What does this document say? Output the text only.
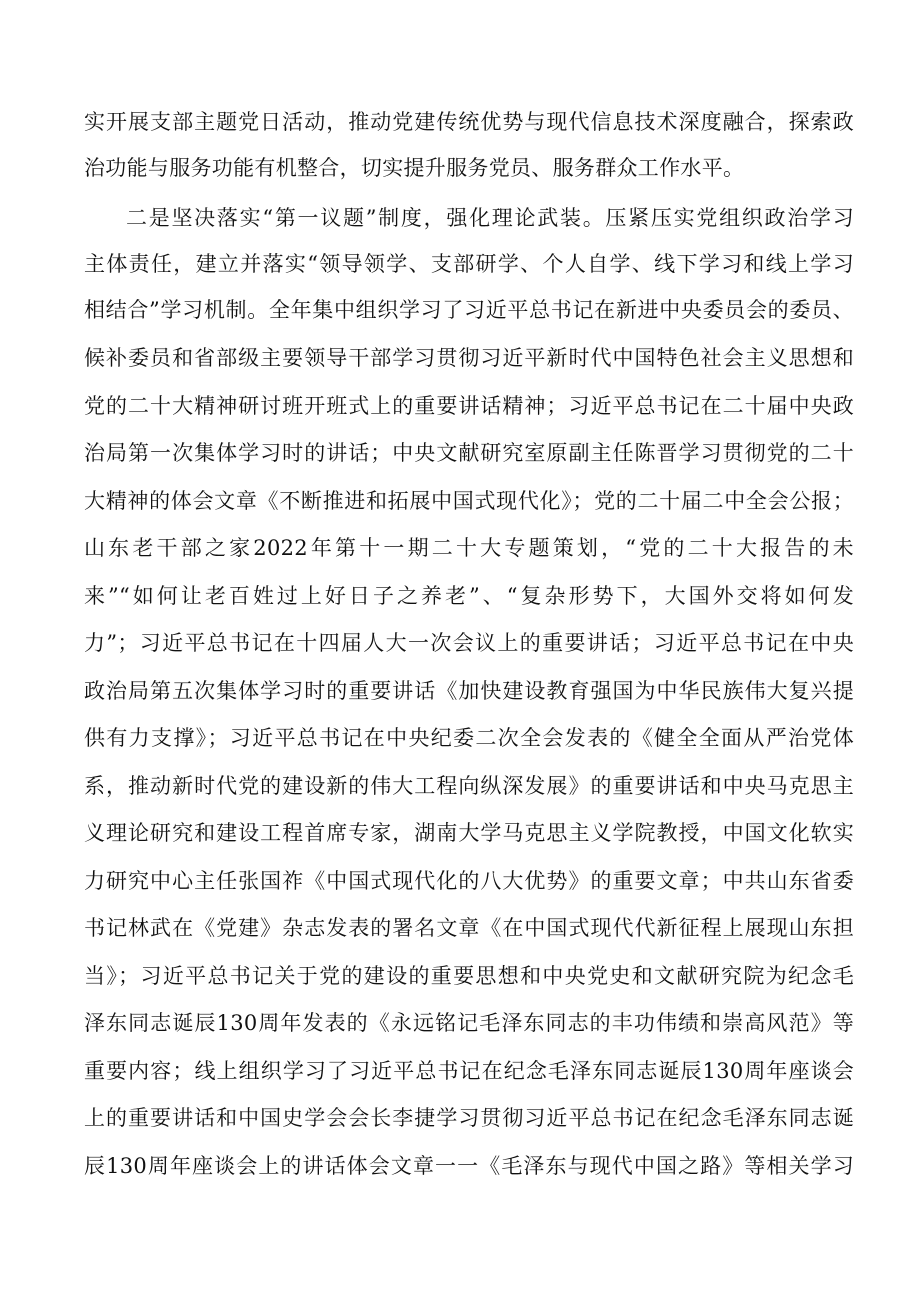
实开展支部主题党日活动，推动党建传统优势与现代信息技术深度融合，探索政
治功能与服务功能有机整合，切实提升服务党员、服务群众工作水平。
二是坚决落实“第一议题”制度，强化理论武装。压紧压实党组织政治学习
主体责任，建立并落实“领导领学、支部研学、个人自学、线下学习和线上学习
相结合”学习机制。全年集中组织学习了习近平总书记在新进中央委员会的委员、
候补委员和省部级主要领导干部学习贯彻习近平新时代中国特色社会主义思想和
党的二十大精神研讨班开班式上的重要讲话精神；习近平总书记在二十届中央政
治局第一次集体学习时的讲话；中央文献研究室原副主任陈晋学习贯彻党的二十
大精神的体会文章《不断推进和拓展中国式现代化》；党的二十届二中全会公报；
山东老干部之家2022年第十一期二十大专题策划，“党的二十大报告的未
来”“如何让老百姓过上好日子之养老”、“复杂形势下，大国外交将如何发
力”；习近平总书记在十四届人大一次会议上的重要讲话；习近平总书记在中央
政治局第五次集体学习时的重要讲话《加快建设教育强国为中华民族伟大复兴提
供有力支撑》；习近平总书记在中央纪委二次全会发表的《健全全面从严治党体
系，推动新时代党的建设新的伟大工程向纵深发展》的重要讲话和中央马克思主
义理论研究和建设工程首席专家，湖南大学马克思主义学院教授，中国文化软实
力研究中心主任张国祚《中国式现代化的八大优势》的重要文章；中共山东省委
书记林武在《党建》杂志发表的署名文章《在中国式现代代新征程上展现山东担
当》；习近平总书记关于党的建设的重要思想和中央党史和文献研究院为纪念毛
泽东同志诞辰130周年发表的《永远铭记毛泽东同志的丰功伟绩和崇高风范》等
重要内容；线上组织学习了习近平总书记在纪念毛泽东同志诞辰130周年座谈会
上的重要讲话和中国史学会会长李捷学习贯彻习近平总书记在纪念毛泽东同志诞
辰130周年座谈会上的讲话体会文章一一《毛泽东与现代中国之路》等相关学习
